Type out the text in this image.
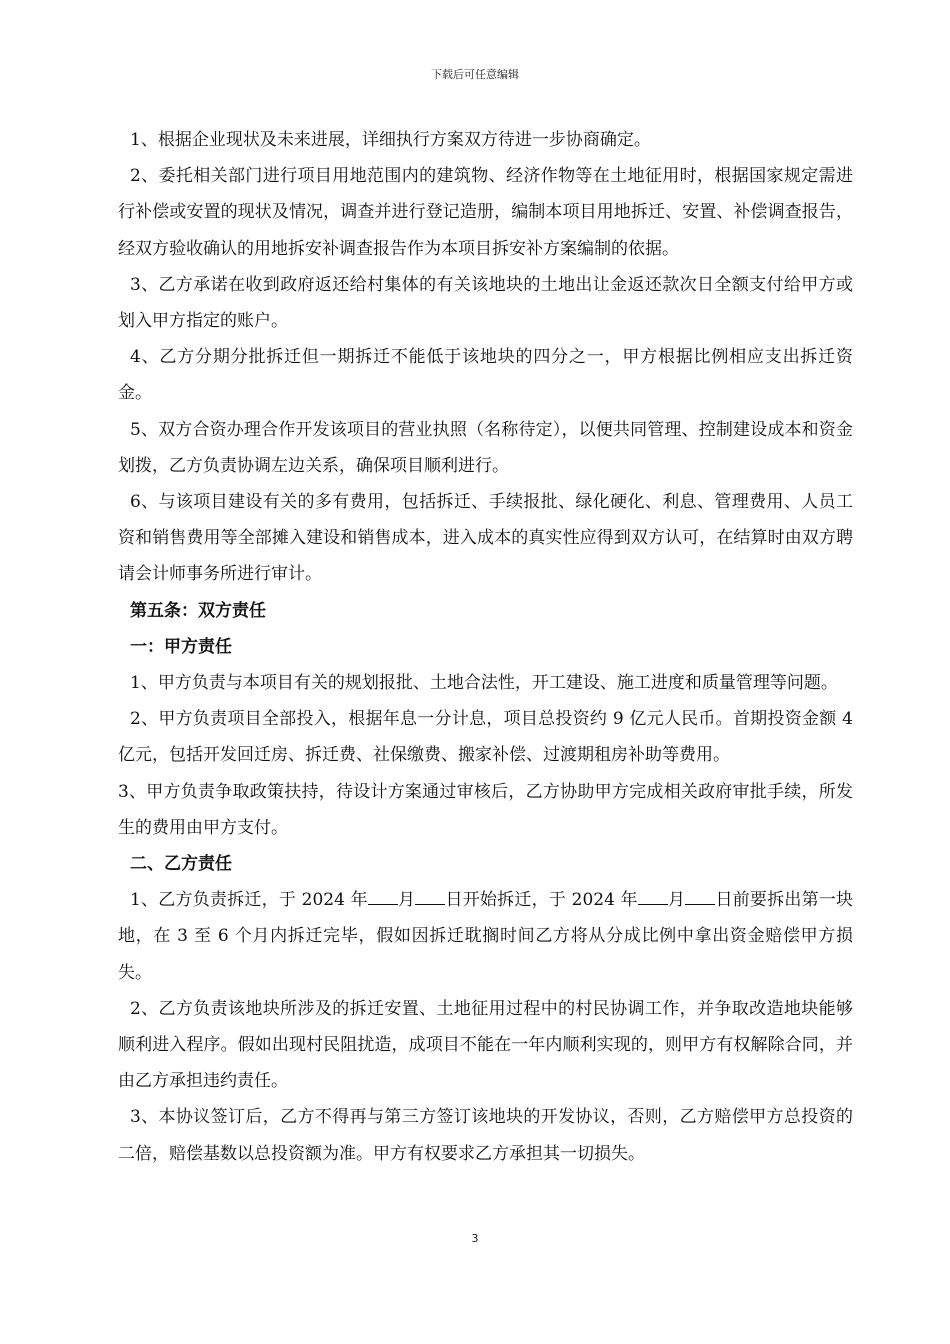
下载后可任意编辑

1、根据企业现状及未来进展，详细执行方案双方待进一步协商确定。

2、委托相关部门进行项目用地范围内的建筑物、经济作物等在土地征用时，根据国家规定需进行补偿或安置的现状及情况，调查并进行登记造册，编制本项目用地拆迁、安置、补偿调查报告，经双方验收确认的用地拆安补调查报告作为本项目拆安补方案编制的依据。

3、乙方承诺在收到政府返还给村集体的有关该地块的土地出让金返还款次日全额支付给甲方或划入甲方指定的账户。

4、乙方分期分批拆迁但一期拆迁不能低于该地块的四分之一，甲方根据比例相应支出拆迁资金。

5、双方合资办理合作开发该项目的营业执照（名称待定），以便共同管理、控制建设成本和资金划拨，乙方负责协调左边关系，确保项目顺利进行。

6、与该项目建设有关的多有费用，包括拆迁、手续报批、绿化硬化、利息、管理费用、人员工资和销售费用等全部摊入建设和销售成本，进入成本的真实性应得到双方认可，在结算时由双方聘请会计师事务所进行审计。

第五条：双方责任

一：甲方责任

1、甲方负责与本项目有关的规划报批、土地合法性，开工建设、施工进度和质量管理等问题。

2、甲方负责项目全部投入，根据年息一分计息，项目总投资约 9 亿元人民币。首期投资金额 4 亿元，包括开发回迁房、拆迁费、社保缴费、搬家补偿、过渡期租房补助等费用。

3、甲方负责争取政策扶持，待设计方案通过审核后，乙方协助甲方完成相关政府审批手续，所发生的费用由甲方支付。

二、乙方责任

1、乙方负责拆迁，于 2024 年 月 日开始拆迁，于 2024 年 月 日前要拆出第一块地，在 3 至 6 个月内拆迁完毕，假如因拆迁耽搁时间乙方将从分成比例中拿出资金赔偿甲方损失。

2、乙方负责该地块所涉及的拆迁安置、土地征用过程中的村民协调工作，并争取改造地块能够顺利进入程序。假如出现村民阻扰造，成项目不能在一年内顺利实现的，则甲方有权解除合同，并由乙方承担违约责任。

3、本协议签订后，乙方不得再与第三方签订该地块的开发协议，否则，乙方赔偿甲方总投资的二倍，赔偿基数以总投资额为准。甲方有权要求乙方承担其一切损失。

3
